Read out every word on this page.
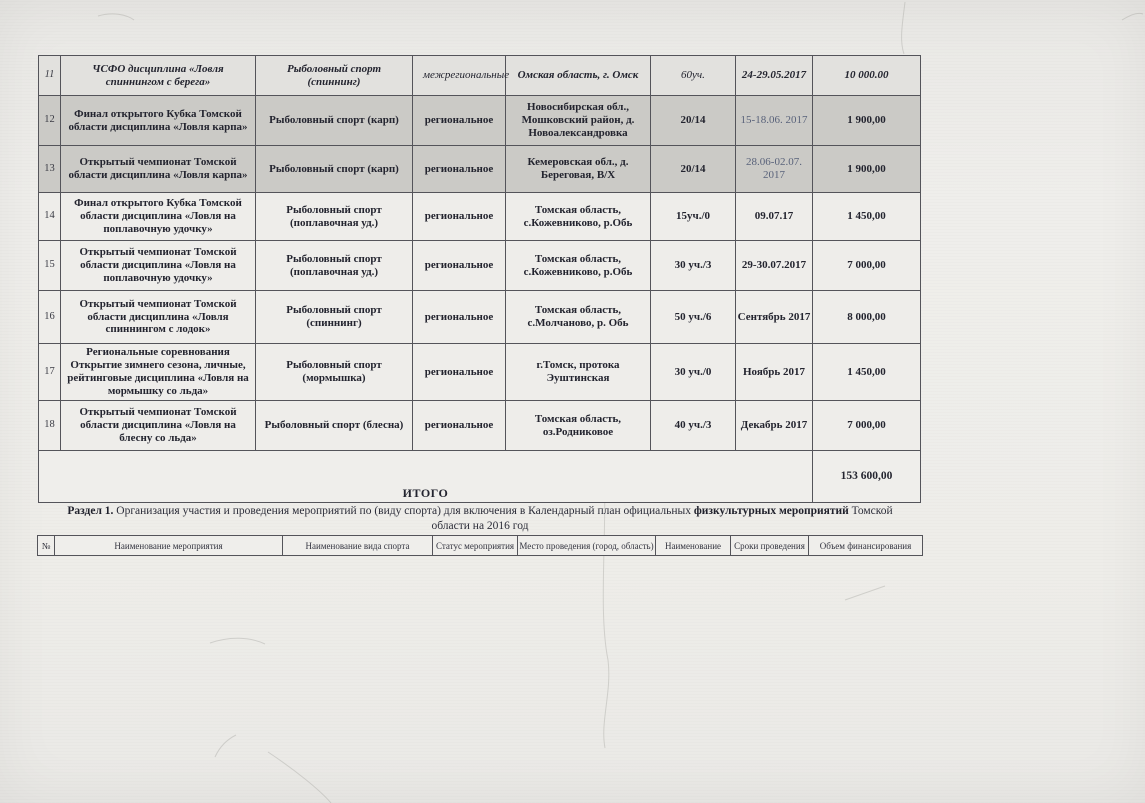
11	ЧСФО дисциплина «Ловля спиннингом с берега»	Рыболовный спорт (спиннинг)	межрегиональные	Омская область, г. Омск	60уч.	24-29.05.2017	10 000.00
12	Финал открытого Кубка Томской области дисциплина «Ловля карпа»	Рыболовный спорт (карп)	региональное	Новосибирская обл., Мошковский район, д. Новоалександровка	20/14	15-18.06. 2017	1 900,00
13	Открытый чемпионат Томской области дисциплина «Ловля карпа»	Рыболовный спорт (карп)	региональное	Кемеровская обл., д. Береговая, В/Х	20/14	28.06-02.07. 2017	1 900,00
14	Финал открытого Кубка Томской области дисциплина «Ловля на поплавочную удочку»	Рыболовный спорт (поплавочная уд.)	региональное	Томская область, с.Кожевниково, р.Обь	15уч./0	09.07.17	1 450,00
15	Открытый чемпионат Томской области дисциплина «Ловля на поплавочную удочку»	Рыболовный спорт (поплавочная уд.)	региональное	Томская область, с.Кожевниково, р.Обь	30 уч./3	29-30.07.2017	7 000,00
16	Открытый чемпионат Томской области дисциплина «Ловля спиннингом с лодок»	Рыболовный спорт (спиннинг)	региональное	Томская область, с.Молчаново, р. Обь	50 уч./6	Сентябрь 2017	8 000,00
17	Региональные соревнования Открытие зимнего сезона, личные, рейтинговые дисциплина «Ловля на мормышку со льда»	Рыболовный спорт (мормышка)	региональное	г.Томск, протока Эуштинская	30 уч./0	Ноябрь 2017	1 450,00
18	Открытый чемпионат Томской области дисциплина «Ловля на блесну со льда»	Рыболовный спорт (блесна)	региональное	Томская область, оз.Родниковое	40 уч./3	Декабрь 2017	7 000,00
ИТОГО							153 600,00
Раздел 1. Организация участия и проведения мероприятий по (виду спорта) для включения в Календарный план официальных физкультурных мероприятий Томской
области на 2016 год
№	Наименование мероприятия	Наименование вида спорта	Статус мероприятия	Место проведения (город, область)	Наименование	Сроки проведения	Объем финансирования
